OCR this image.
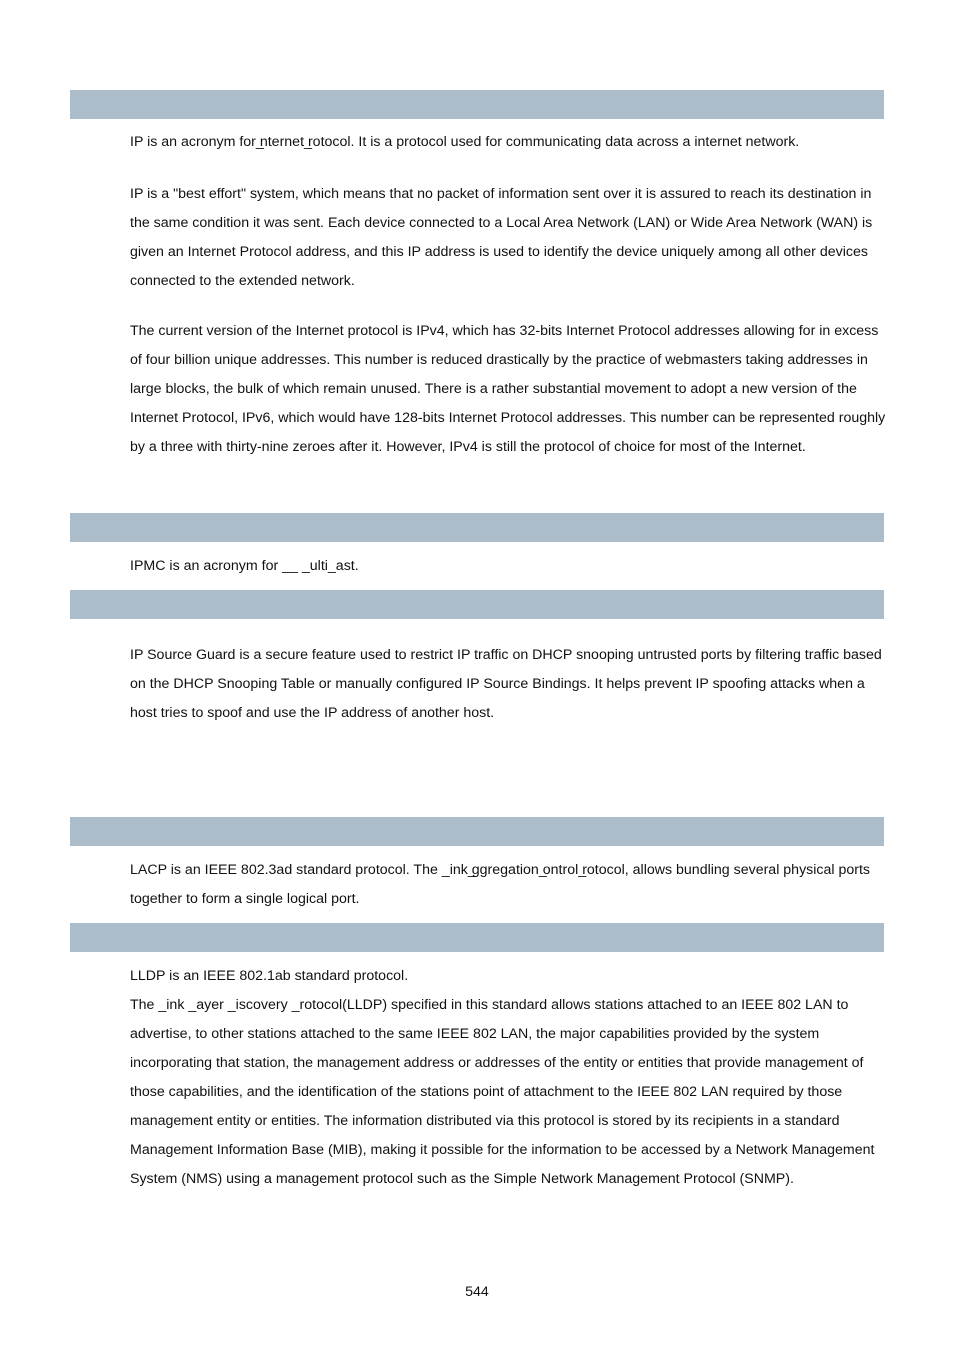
IP is an acronym for ̲nternet ̲rotocol. It is a protocol used for communicating data across a internet network.

IP is a "best effort" system, which means that no packet of information sent over it is assured to reach its destination in the same condition it was sent. Each device connected to a Local Area Network (LAN) or Wide Area Network (WAN) is given an Internet Protocol address, and this IP address is used to identify the device uniquely among all other devices connected to the extended network.

The current version of the Internet protocol is IPv4, which has 32-bits Internet Protocol addresses allowing for in excess of four billion unique addresses. This number is reduced drastically by the practice of webmasters taking addresses in large blocks, the bulk of which remain unused. There is a rather substantial movement to adopt a new version of the Internet Protocol, IPv6, which would have 128-bits Internet Protocol addresses. This number can be represented roughly by a three with thirty-nine zeroes after it. However, IPv4 is still the protocol of choice for most of the Internet.

IPMC is an acronym for __ _ulti_ast.

IP Source Guard is a secure feature used to restrict IP traffic on DHCP snooping untrusted ports by filtering traffic based on the DHCP Snooping Table or manually configured IP Source Bindings. It helps prevent IP spoofing attacks when a host tries to spoof and use the IP address of another host.

LACP is an IEEE 802.3ad standard protocol. The _ink ̲ggregation ̲ontrol ̲rotocol, allows bundling several physical ports together to form a single logical port.

LLDP is an IEEE 802.1ab standard protocol.

The _ink _ayer _iscovery _rotocol(LLDP) specified in this standard allows stations attached to an IEEE 802 LAN to advertise, to other stations attached to the same IEEE 802 LAN, the major capabilities provided by the system incorporating that station, the management address or addresses of the entity or entities that provide management of those capabilities, and the identification of the stations point of attachment to the IEEE 802 LAN required by those management entity or entities. The information distributed via this protocol is stored by its recipients in a standard Management Information Base (MIB), making it possible for the information to be accessed by a Network Management System (NMS) using a management protocol such as the Simple Network Management Protocol (SNMP).

544
